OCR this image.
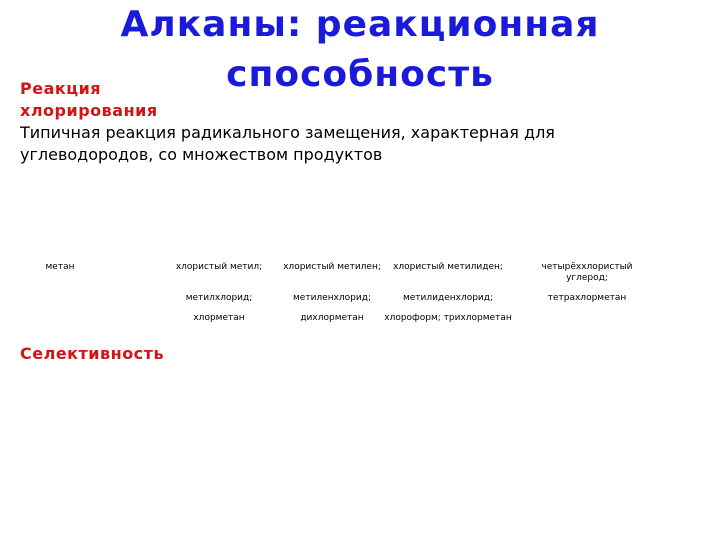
Алканы: реакционная способность
Реакция хлорирования
Типичная реакция радикального замещения, характерная для углеводородов, со множеством продуктов
метан	хлористый метил;
метилхлорид;
хлорметан
хлористый метилен;
метиленхлорид;
дихлорметан
хлористый метилиден;
метилиденхлорид;
хлороформ; трихлорметан
четырёххлористый углерод;
тетрахлорметан
Селективность
